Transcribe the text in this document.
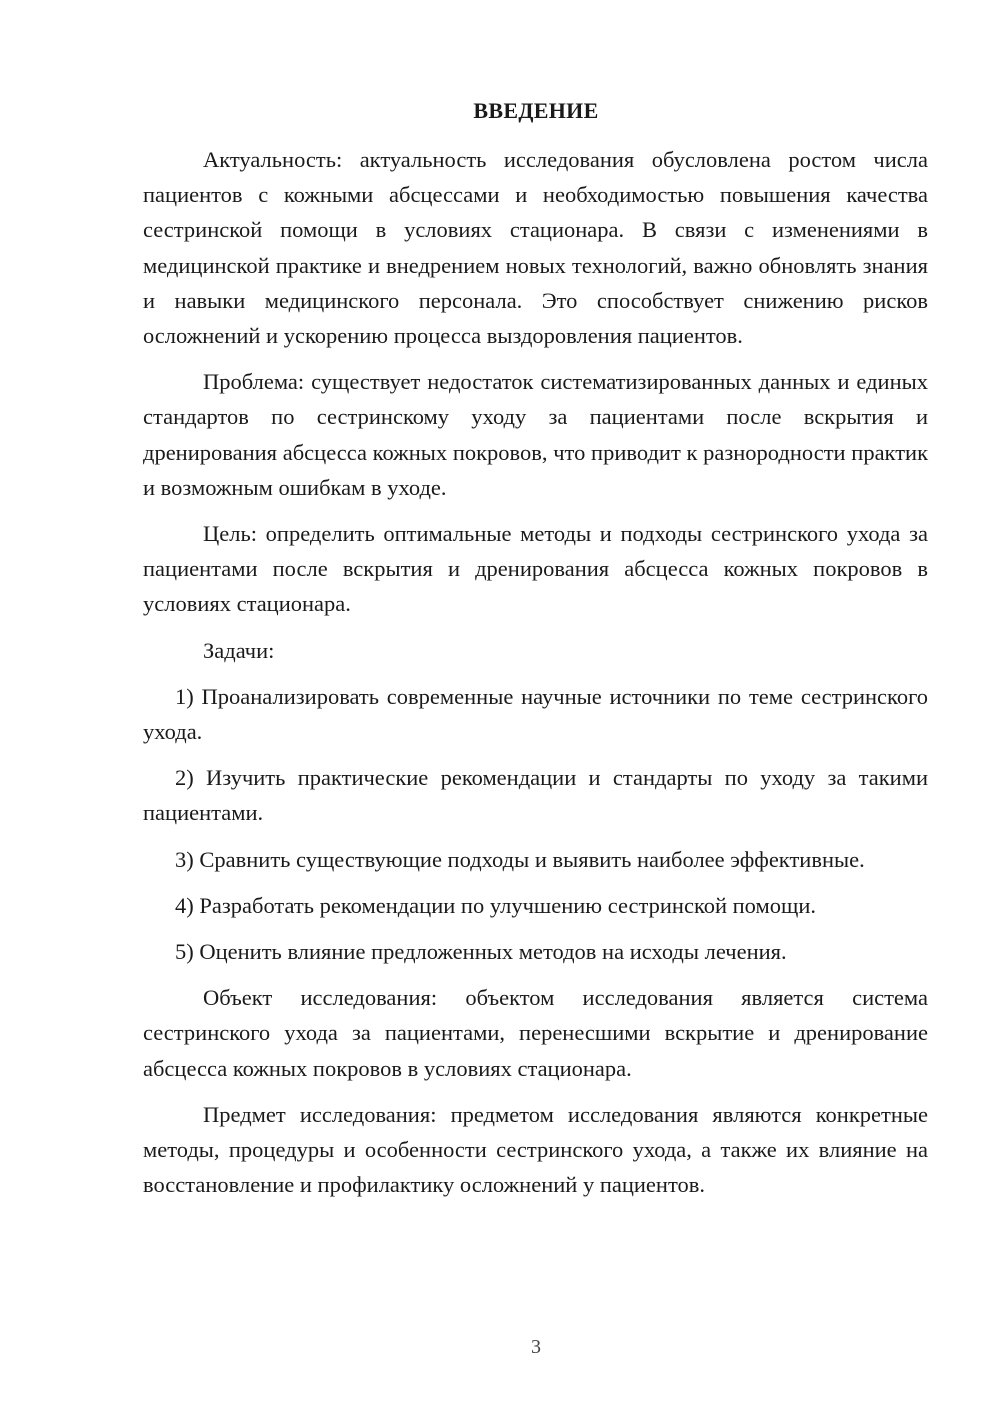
ВВЕДЕНИЕ

Актуальность: актуальность исследования обусловлена ростом числа пациентов с кожными абсцессами и необходимостью повышения качества сестринской помощи в условиях стационара. В связи с изменениями в медицинской практике и внедрением новых технологий, важно обновлять знания и навыки медицинского персонала. Это способствует снижению рисков осложнений и ускорению процесса выздоровления пациентов.

Проблема: существует недостаток систематизированных данных и единых стандартов по сестринскому уходу за пациентами после вскрытия и дренирования абсцесса кожных покровов, что приводит к разнородности практик и возможным ошибкам в уходе.

Цель: определить оптимальные методы и подходы сестринского ухода за пациентами после вскрытия и дренирования абсцесса кожных покровов в условиях стационара.

Задачи:

1) Проанализировать современные научные источники по теме сестринского ухода.

2) Изучить практические рекомендации и стандарты по уходу за такими пациентами.

3) Сравнить существующие подходы и выявить наиболее эффективные.

4) Разработать рекомендации по улучшению сестринской помощи.

5) Оценить влияние предложенных методов на исходы лечения.

Объект исследования: объектом исследования является система сестринского ухода за пациентами, перенесшими вскрытие и дренирование абсцесса кожных покровов в условиях стационара.

Предмет исследования: предметом исследования являются конкретные методы, процедуры и особенности сестринского ухода, а также их влияние на восстановление и профилактику осложнений у пациентов.

3
